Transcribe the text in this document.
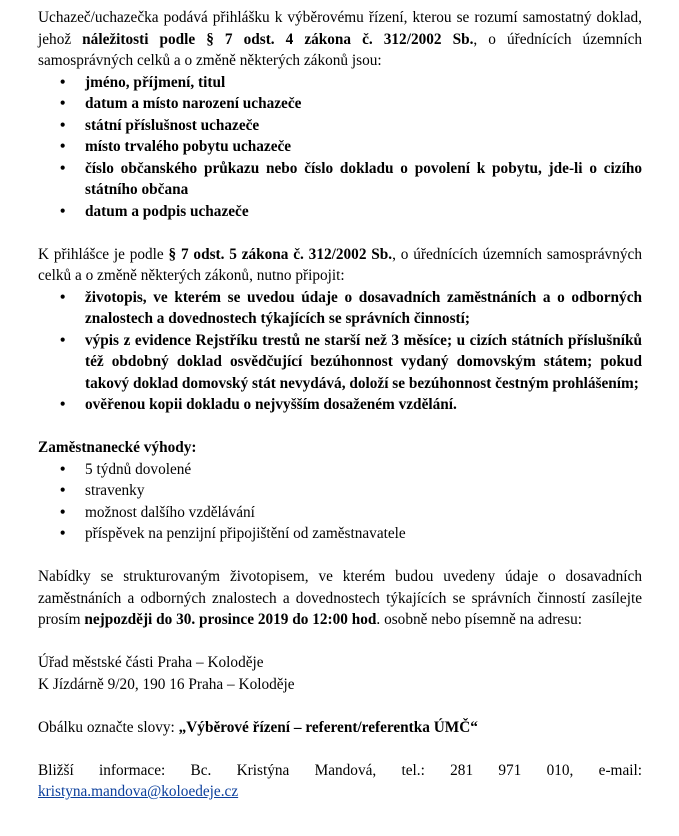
Uchazeč/uchazečka podává přihlášku k výběrovému řízení, kterou se rozumí samostatný doklad, jehož náležitosti podle § 7 odst. 4 zákona č. 312/2002 Sb., o úřednících územních samosprávných celků a o změně některých zákonů jsou:

• jméno, příjmení, titul
• datum a místo narození uchazeče
• státní příslušnost uchazeče
• místo trvalého pobytu uchazeče
• číslo občanského průkazu nebo číslo dokladu o povolení k pobytu, jde-li o cizího státního občana
• datum a podpis uchazeče

K přihlášce je podle § 7 odst. 5 zákona č. 312/2002 Sb., o úřednících územních samosprávných celků a o změně některých zákonů, nutno připojit:

• životopis, ve kterém se uvedou údaje o dosavadních zaměstnáních a o odborných znalostech a dovednostech týkajících se správních činností;
• výpis z evidence Rejstříku trestů ne starší než 3 měsíce; u cizích státních příslušníků též obdobný doklad osvědčující bezúhonnost vydaný domovským státem; pokud takový doklad domovský stát nevydává, doloží se bezúhonnost čestným prohlášením;
• ověřenou kopii dokladu o nejvyšším dosaženém vzdělání.

Zaměstnanecké výhody:

• 5 týdnů dovolené
• stravenky
• možnost dalšího vzdělávání
• příspěvek na penzijní připojištění od zaměstnavatele

Nabídky se strukturovaným životopisem, ve kterém budou uvedeny údaje o dosavadních zaměstnáních a odborných znalostech a dovednostech týkajících se správních činností zasílejte prosím nejpozději do 30. prosince 2019 do 12:00 hod. osobně nebo písemně na adresu:

Úřad městské části Praha – Koloděje

K Jízdárně 9/20, 190 16 Praha – Koloděje

Obálku označte slovy: „Výběrové řízení – referent/referentka ÚMČ“

Bližší informace: Bc. Kristýna Mandová, tel.: 281 971 010, e-mail:

kristyna.mandova@koloedeje.cz
